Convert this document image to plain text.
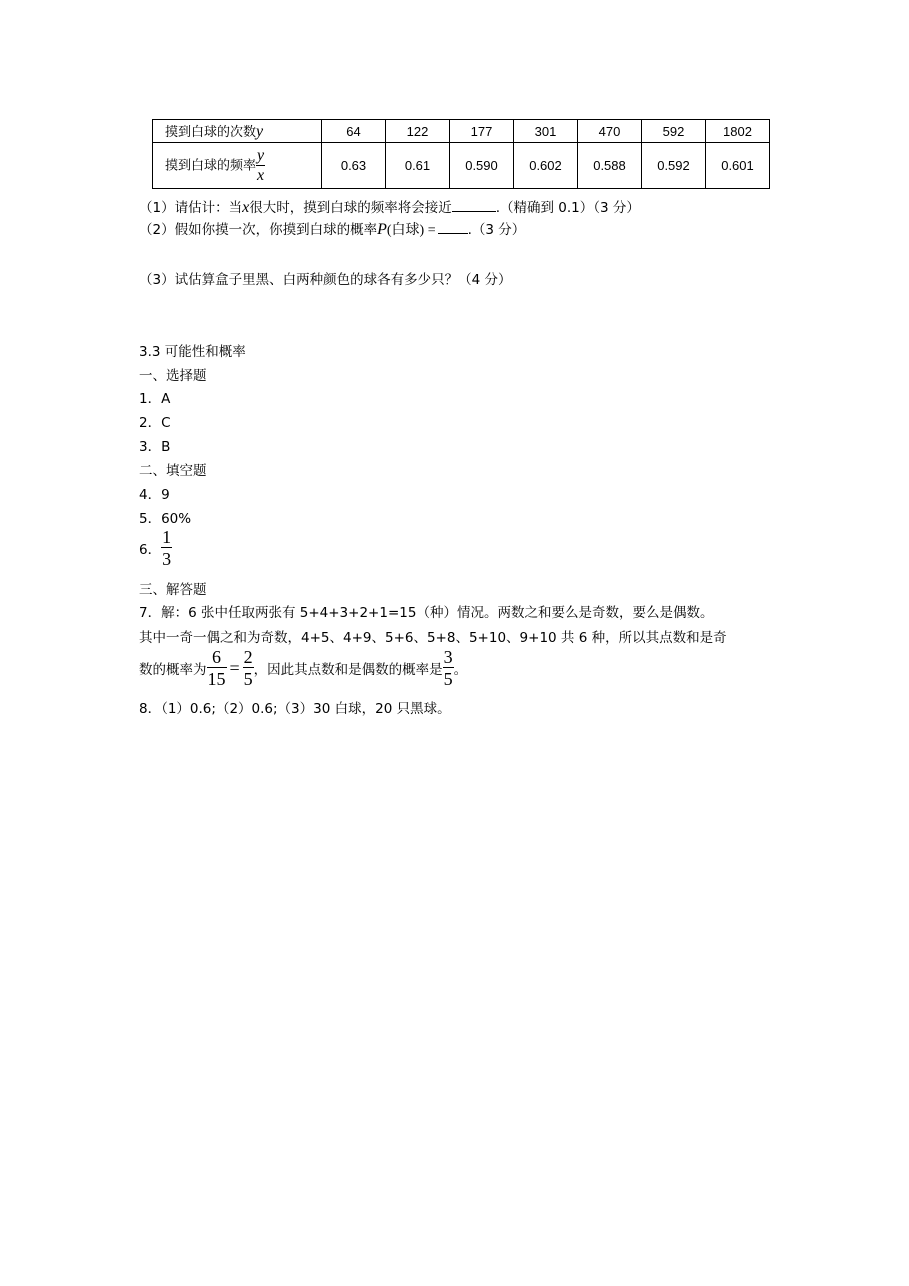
摸到白球的次数y	64	122	177	301	470	592	1802
摸到白球的频率 $\frac{y}{x}$	0.63	0.61	0.590	0.602	0.588	0.592	0.601
（1）请估计：当x很大时，摸到白球的频率将会接近	.（精确到 0.1）（3 分）
（2）假如你摸一次，你摸到白球的概率P(白球) = .（3 分）
（3）试估算盒子里黑、白两种颜色的球各有多少只？（4 分）
3.3 可能性和概率
一、选择题
1．A
2．C
3．B
二、填空题
4．9
5．60%
6． $\frac{1}{3}$
三、解答题
7．解：6 张中任取两张有 5+4+3+2+1=15（种）情况。两数之和要么是奇数，要么是偶数。
其中一奇一偶之和为奇数，4+5、4+9、5+6、5+8、5+10、9+10 共 6 种，所以其点数和是奇
数的概率为 $\frac{6}{15} = \frac{2}{5}$ ，因此其点数和是偶数的概率是 $\frac{3}{5}$ 。
8．（1）0.6;（2）0.6;（3）30 白球，20 只黑球。
